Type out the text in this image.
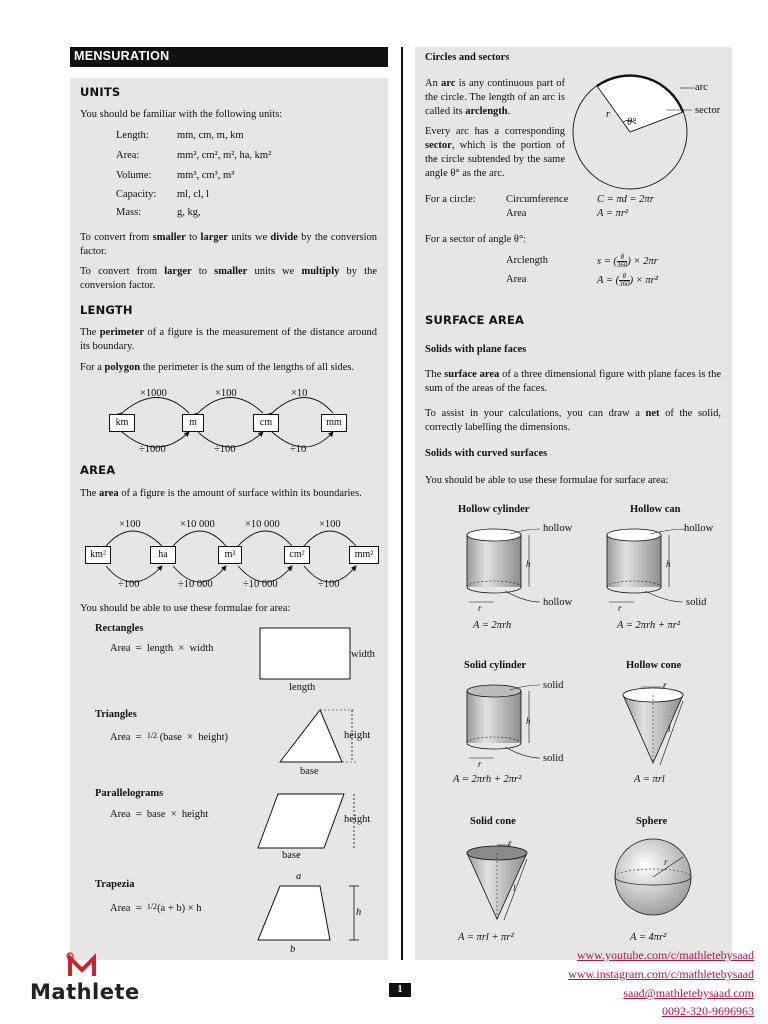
MENSURATION
UNITS
You should be familiar with the following units:
Length:	mm, cm, m, km
Area:	mm², cm², m², ha, km²
Volume: mm³, cm³, m³
Capacity: ml, cl, l
Mass:	g, kg,
To convert from smaller to larger units we divide by the conversion factor.
To convert from larger to smaller units we multiply by the conversion factor.
LENGTH
The perimeter of a figure is the measurement of the distance around its boundary.
For a polygon the perimeter is the sum of the lengths of all sides.
×1000	×100	×10
km	m	cm	mm
÷1000	÷100	÷10
AREA
The area of a figure is the amount of surface within its boundaries.
×100	×10 000	×10 000	×100
km²	ha	m²	cm²	mm²
÷100	÷10 000	÷10 000	÷100
You should be able to use these formulae for area:
Rectangles
Area  =  length  ×  width
width
length
Triangles
Area  =  1/2 (base  ×  height)	height
base
Parallelograms
Area  =  base  ×  height	height
base
Trapezia
Area  =  1/2(a + b) × h
a
h
b
Circles and sectors
An arc is any continuous part of the circle. The length of an arc is called its arclength.
Every arc has a corresponding sector, which is the portion of the circle subtended by the same angle θ° as the arc.
arc
sector
r
θ°
For a circle:	Circumference	C = πd = 2πr
Area	A = πr²
For a sector of angle θ°:
Arclength	s = ( $\frac{\theta}{360}$ ) × 2πr
Area	A = ( $\frac{\theta}{360}$ ) × πr²
SURFACE AREA
Solids with plane faces
The surface area of a three dimensional figure with plane faces is the sum of the areas of the faces.
To assist in your calculations, you can draw a net of the solid, correctly labelling the dimensions.
Solids with curved surfaces
You should be able to use these formulae for surface area:
Hollow cylinder	Hollow can
Solid cylinder	Hollow cone
Solid cone	Sphere
hollow
hollow
hollow
solid
solid
solid
h	h
h
r	r
r
r
l
r
l
r
A = 2πrh	A = 2πrh + πr²
A = 2πrh + 2πr²	A = πrl
A = πrl + πr²	A = 4πr²
www.youtube.com/c/mathletebysaad
www.instagram.com/c/mathletebysaad
saad@mathletebysaad.com
0092-320-9696963
1
Mathlete
